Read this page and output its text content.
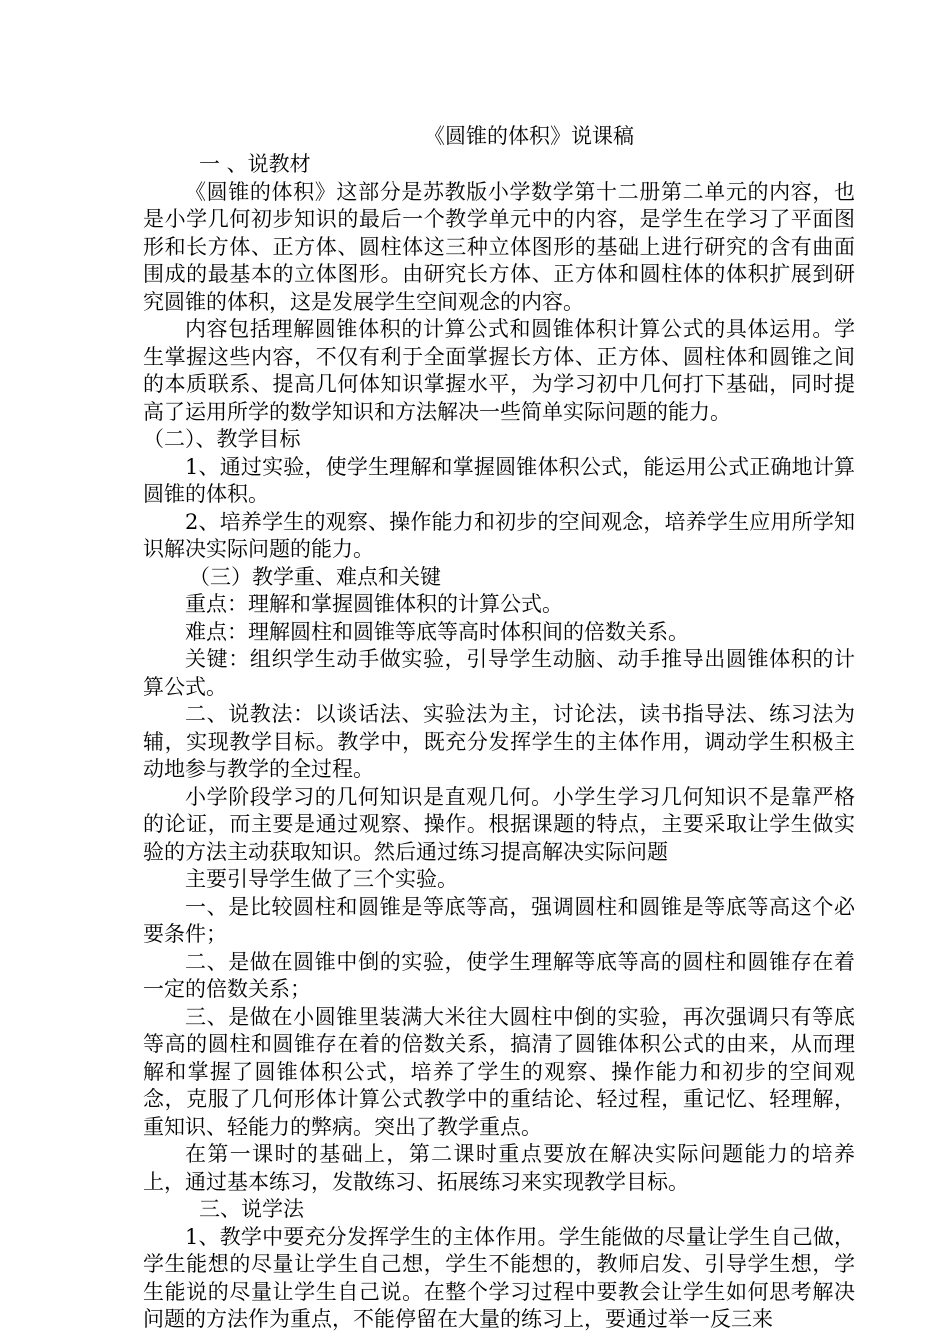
《圆锥的体积》说课稿

一 、说教材

《圆锥的体积》这部分是苏教版小学数学第十二册第二单元的内容，也是小学几何初步知识的最后一个教学单元中的内容，是学生在学习了平面图形和长方体、正方体、圆柱体这三种立体图形的基础上进行研究的含有曲面围成的最基本的立体图形。由研究长方体、正方体和圆柱体的体积扩展到研究圆锥的体积，这是发展学生空间观念的内容。

内容包括理解圆锥体积的计算公式和圆锥体积计算公式的具体运用。学生掌握这些内容，不仅有利于全面掌握长方体、正方体、圆柱体和圆锥之间的本质联系、提高几何体知识掌握水平，为学习初中几何打下基础，同时提高了运用所学的数学知识和方法解决一些简单实际问题的能力。

（二）、教学目标

1、通过实验，使学生理解和掌握圆锥体积公式，能运用公式正确地计算圆锥的体积。

2、培养学生的观察、操作能力和初步的空间观念，培养学生应用所学知识解决实际问题的能力。

（三）教学重、难点和关键

重点：理解和掌握圆锥体积的计算公式。

难点：理解圆柱和圆锥等底等高时体积间的倍数关系。

关键：组织学生动手做实验，引导学生动脑、动手推导出圆锥体积的计算公式。

二、说教法：以谈话法、实验法为主，讨论法，读书指导法、练习法为辅，实现教学目标。教学中，既充分发挥学生的主体作用，调动学生积极主动地参与教学的全过程。

小学阶段学习的几何知识是直观几何。小学生学习几何知识不是靠严格的论证，而主要是通过观察、操作。根据课题的特点，主要采取让学生做实验的方法主动获取知识。然后通过练习提高解决实际问题

主要引导学生做了三个实验。

一、是比较圆柱和圆锥是等底等高，强调圆柱和圆锥是等底等高这个必要条件；

二、是做在圆锥中倒的实验，使学生理解等底等高的圆柱和圆锥存在着一定的倍数关系；

三、是做在小圆锥里装满大米往大圆柱中倒的实验，再次强调只有等底等高的圆柱和圆锥存在着的倍数关系，搞清了圆锥体积公式的由来，从而理解和掌握了圆锥体积公式，培养了学生的观察、操作能力和初步的空间观念，克服了几何形体计算公式教学中的重结论、轻过程，重记忆、轻理解，重知识、轻能力的弊病。突出了教学重点。

在第一课时的基础上，第二课时重点要放在解决实际问题能力的培养上，通过基本练习，发散练习、拓展练习来实现教学目标。

三、说学法

1、教学中要充分发挥学生的主体作用。学生能做的尽量让学生自己做，学生能想的尽量让学生自己想，学生不能想的，教师启发、引导学生想，学生能说的尽量让学生自己说。在整个学习过程中要教会让学生如何思考解决问题的方法作为重点，不能停留在大量的练习上，要通过举一反三来
